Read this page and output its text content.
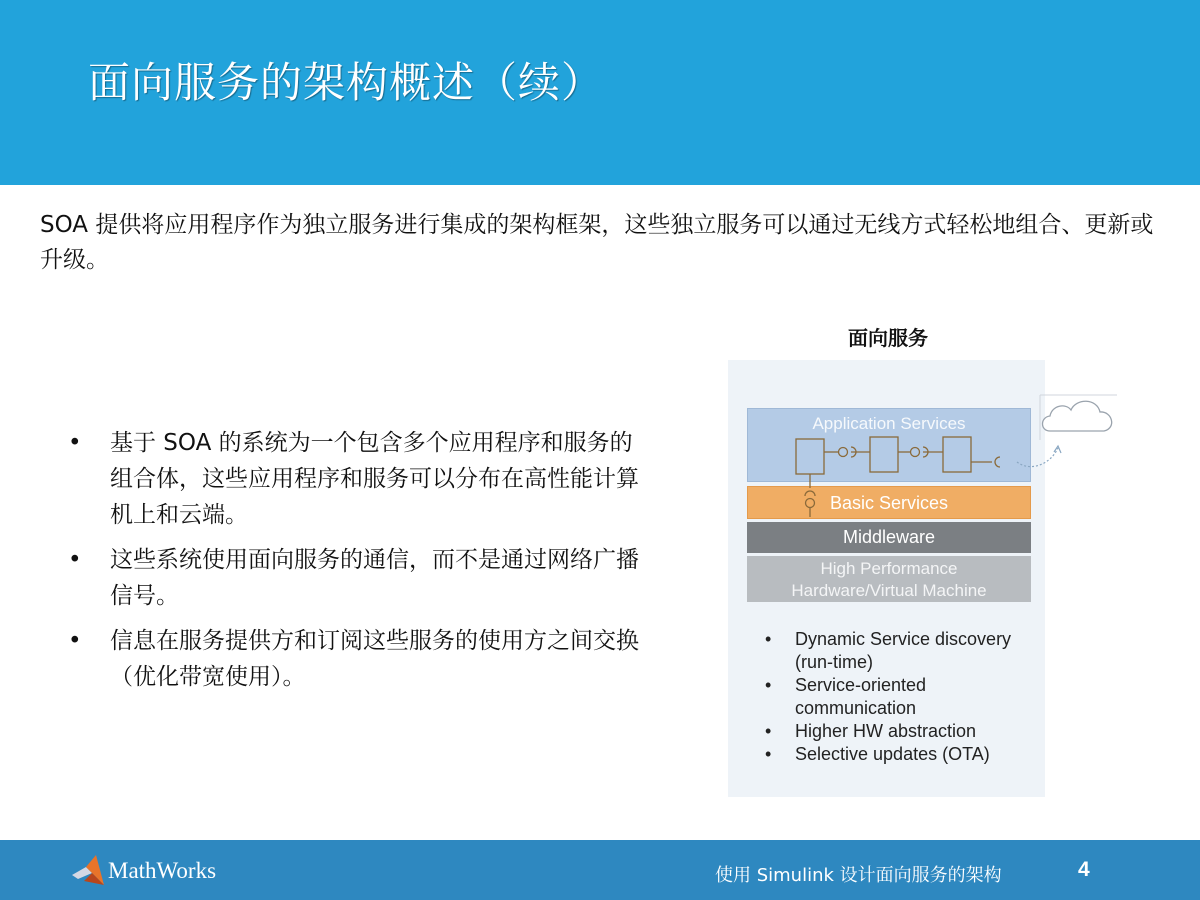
面向服务的架构概述（续）
SOA 提供将应用程序作为独立服务进行集成的架构框架，这些独立服务可以通过无线方式轻松地组合、更新或升级。
• 基于 SOA 的系统为一个包含多个应用程序和服务的组合体，这些应用程序和服务可以分布在高性能计算机上和云端。
• 这些系统使用面向服务的通信，而不是通过网络广播信号。
• 信息在服务提供方和订阅这些服务的使用方之间交换（优化带宽使用）。
面向服务
Application Services
Basic Services
Middleware
High Performance
Hardware/Virtual Machine
• Dynamic Service discovery (run-time)
• Service-oriented communication
• Higher HW abstraction
• Selective updates (OTA)
MathWorks	使用 Simulink 设计面向服务的架构	4
